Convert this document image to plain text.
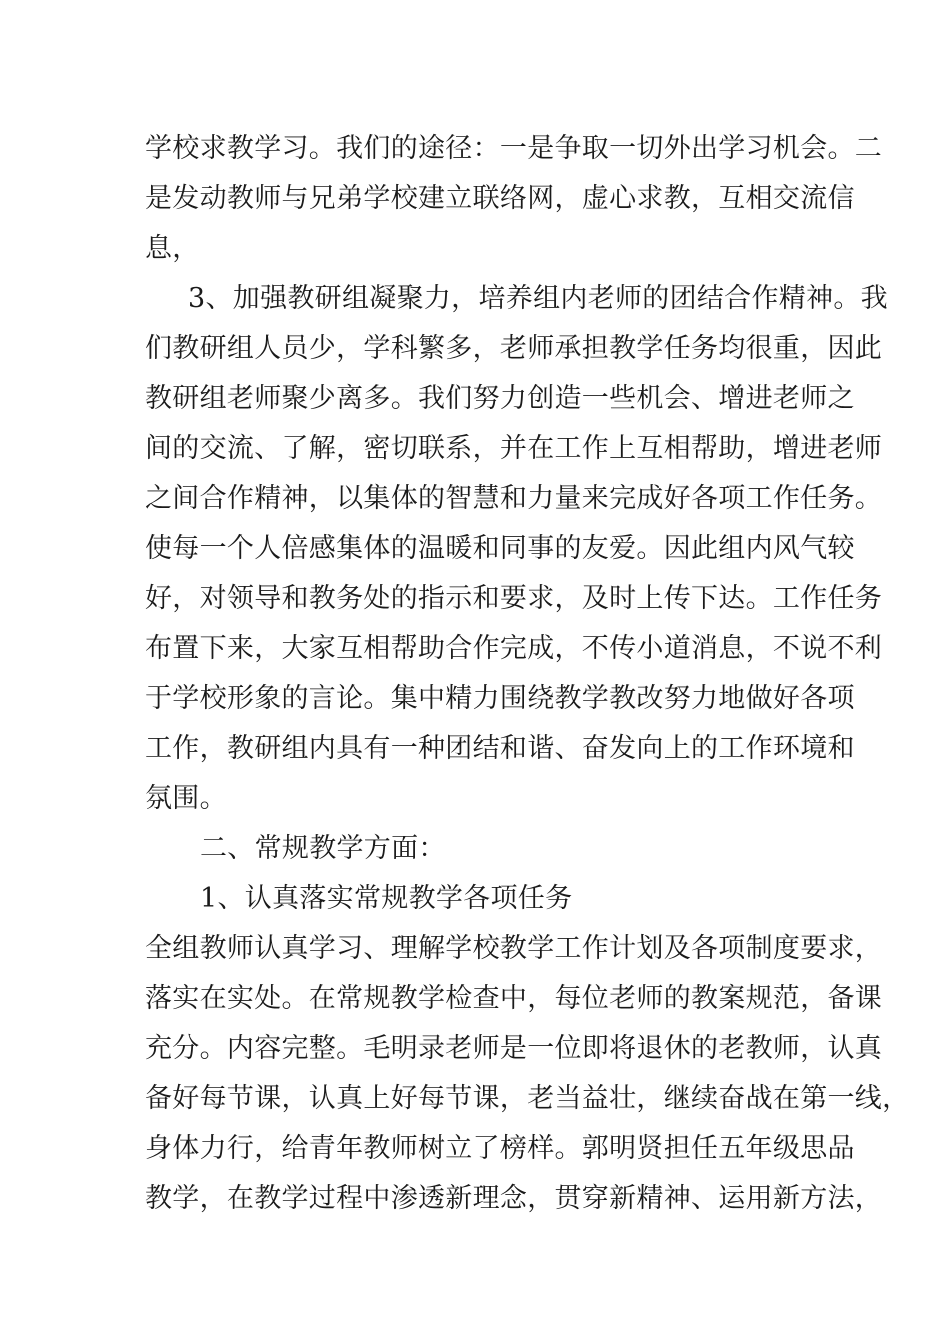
学校求教学习。我们的途径：一是争取一切外出学习机会。二
是发动教师与兄弟学校建立联络网，虚心求教，互相交流信
息，
3、加强教研组凝聚力，培养组内老师的团结合作精神。我
们教研组人员少，学科繁多，老师承担教学任务均很重，因此
教研组老师聚少离多。我们努力创造一些机会、增进老师之
间的交流、了解，密切联系，并在工作上互相帮助，增进老师
之间合作精神，以集体的智慧和力量来完成好各项工作任务。
使每一个人倍感集体的温暖和同事的友爱。因此组内风气较
好，对领导和教务处的指示和要求，及时上传下达。工作任务
布置下来，大家互相帮助合作完成，不传小道消息，不说不利
于学校形象的言论。集中精力围绕教学教改努力地做好各项
工作，教研组内具有一种团结和谐、奋发向上的工作环境和
氛围。
二、常规教学方面：
1、认真落实常规教学各项任务
全组教师认真学习、理解学校教学工作计划及各项制度要求，
落实在实处。在常规教学检查中，每位老师的教案规范，备课
充分。内容完整。毛明录老师是一位即将退休的老教师，认真
备好每节课，认真上好每节课，老当益壮，继续奋战在第一线，
身体力行，给青年教师树立了榜样。郭明贤担任五年级思品
教学，在教学过程中渗透新理念，贯穿新精神、运用新方法，
